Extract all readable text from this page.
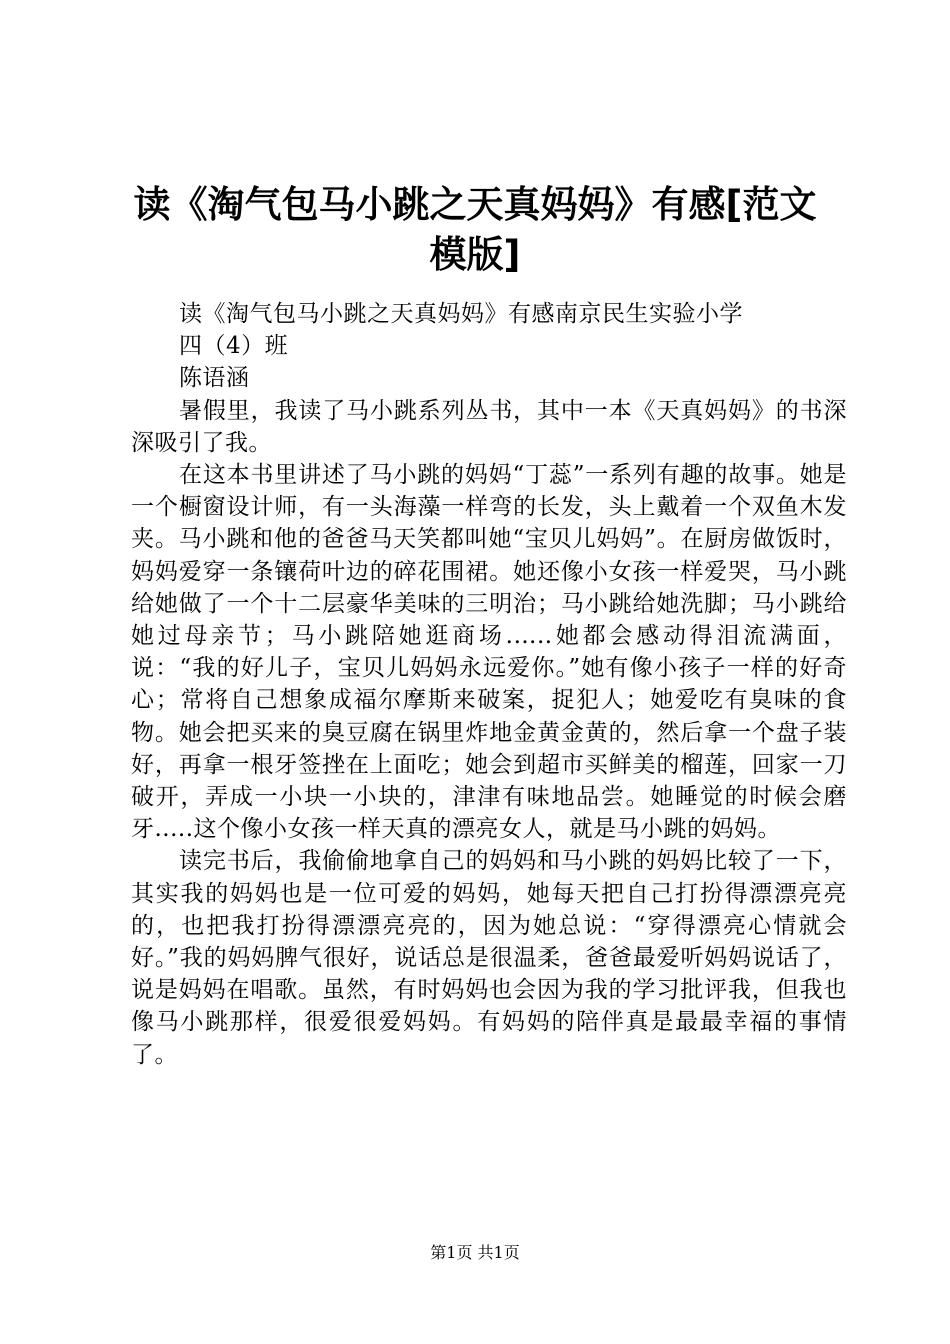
读《淘气包马小跳之天真妈妈》有感[范文模版]

读《淘气包马小跳之天真妈妈》有感南京民生实验小学

四（4）班

陈语涵

暑假里，我读了马小跳系列丛书，其中一本《天真妈妈》的书深深吸引了我。

在这本书里讲述了马小跳的妈妈“丁蕊”一系列有趣的故事。她是一个橱窗设计师，有一头海藻一样弯的长发，头上戴着一个双鱼木发夹。马小跳和他的爸爸马天笑都叫她“宝贝儿妈妈”。在厨房做饭时，妈妈爱穿一条镶荷叶边的碎花围裙。她还像小女孩一样爱哭，马小跳给她做了一个十二层豪华美味的三明治；马小跳给她洗脚；马小跳给她过母亲节；马小跳陪她逛商场.…..她都会感动得泪流满面，说：“我的好儿子，宝贝儿妈妈永远爱你。”她有像小孩子一样的好奇心；常将自己想象成福尔摩斯来破案，捉犯人；她爱吃有臭味的食物。她会把买来的臭豆腐在锅里炸地金黄金黄的，然后拿一个盘子装好，再拿一根牙签挫在上面吃；她会到超市买鲜美的榴莲，回家一刀破开，弄成一小块一小块的，津津有味地品尝。她睡觉的时候会磨牙.....这个像小女孩一样天真的漂亮女人，就是马小跳的妈妈。

读完书后，我偷偷地拿自己的妈妈和马小跳的妈妈比较了一下，其实我的妈妈也是一位可爱的妈妈，她每天把自己打扮得漂漂亮亮的，也把我打扮得漂漂亮亮的，因为她总说：“穿得漂亮心情就会好。”我的妈妈脾气很好，说话总是很温柔，爸爸最爱听妈妈说话了，说是妈妈在唱歌。虽然，有时妈妈也会因为我的学习批评我，但我也像马小跳那样，很爱很爱妈妈。有妈妈的陪伴真是最最幸福的事情了。

第1页 共1页
